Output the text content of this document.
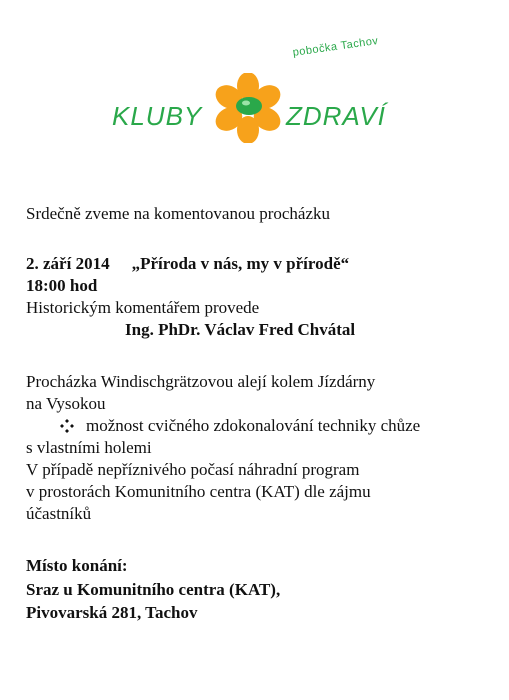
pobočka Tachov
KLUBY	ZDRAVÍ
Srdečně zveme na komentovanou procházku
2. září 2014 „Příroda v nás, my v přírodě“
18:00 hod
Historickým komentářem provede
Ing. PhDr. Václav Fred Chvátal
Procházka Windischgrätzovou alejí kolem Jízdárny
na Vysokou
možnost cvičného zdokonalování techniky chůze
s vlastními holemi
V případě nepříznivého počasí náhradní program
v prostorách Komunitního centra (KAT) dle zájmu
účastníků
Místo konání:
Sraz u Komunitního centra (KAT),
Pivovarská 281, Tachov
